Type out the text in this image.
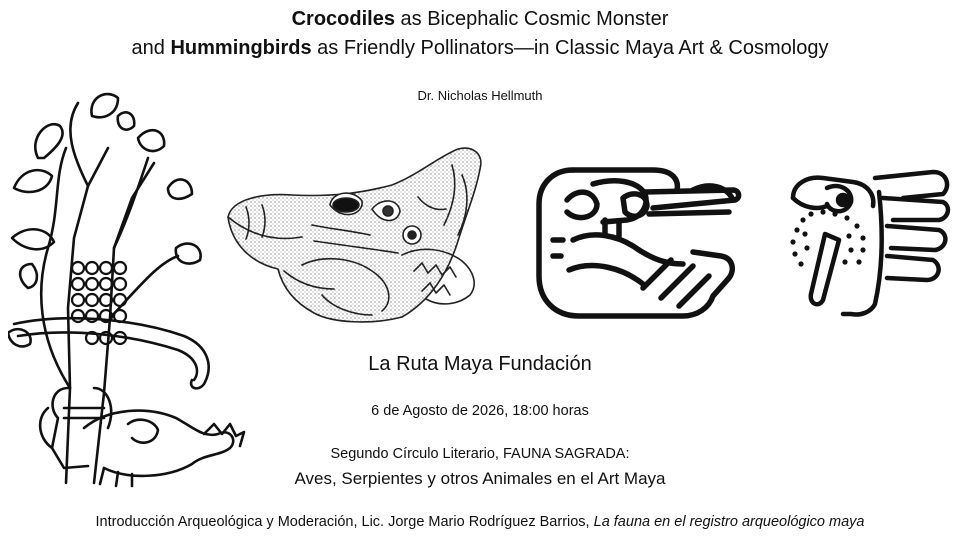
Crocodiles as Bicephalic Cosmic Monster
and Hummingbirds as Friendly Pollinators—in Classic Maya Art & Cosmology
Dr. Nicholas Hellmuth
La Ruta Maya Fundación
6 de Agosto de 2026, 18:00 horas
Segundo Círculo Literario, FAUNA SAGRADA:
Aves, Serpientes y otros Animales en el Art Maya
Introducción Arqueológica y Moderación, Lic. Jorge Mario Rodríguez Barrios, La fauna en el registro arqueológico maya
